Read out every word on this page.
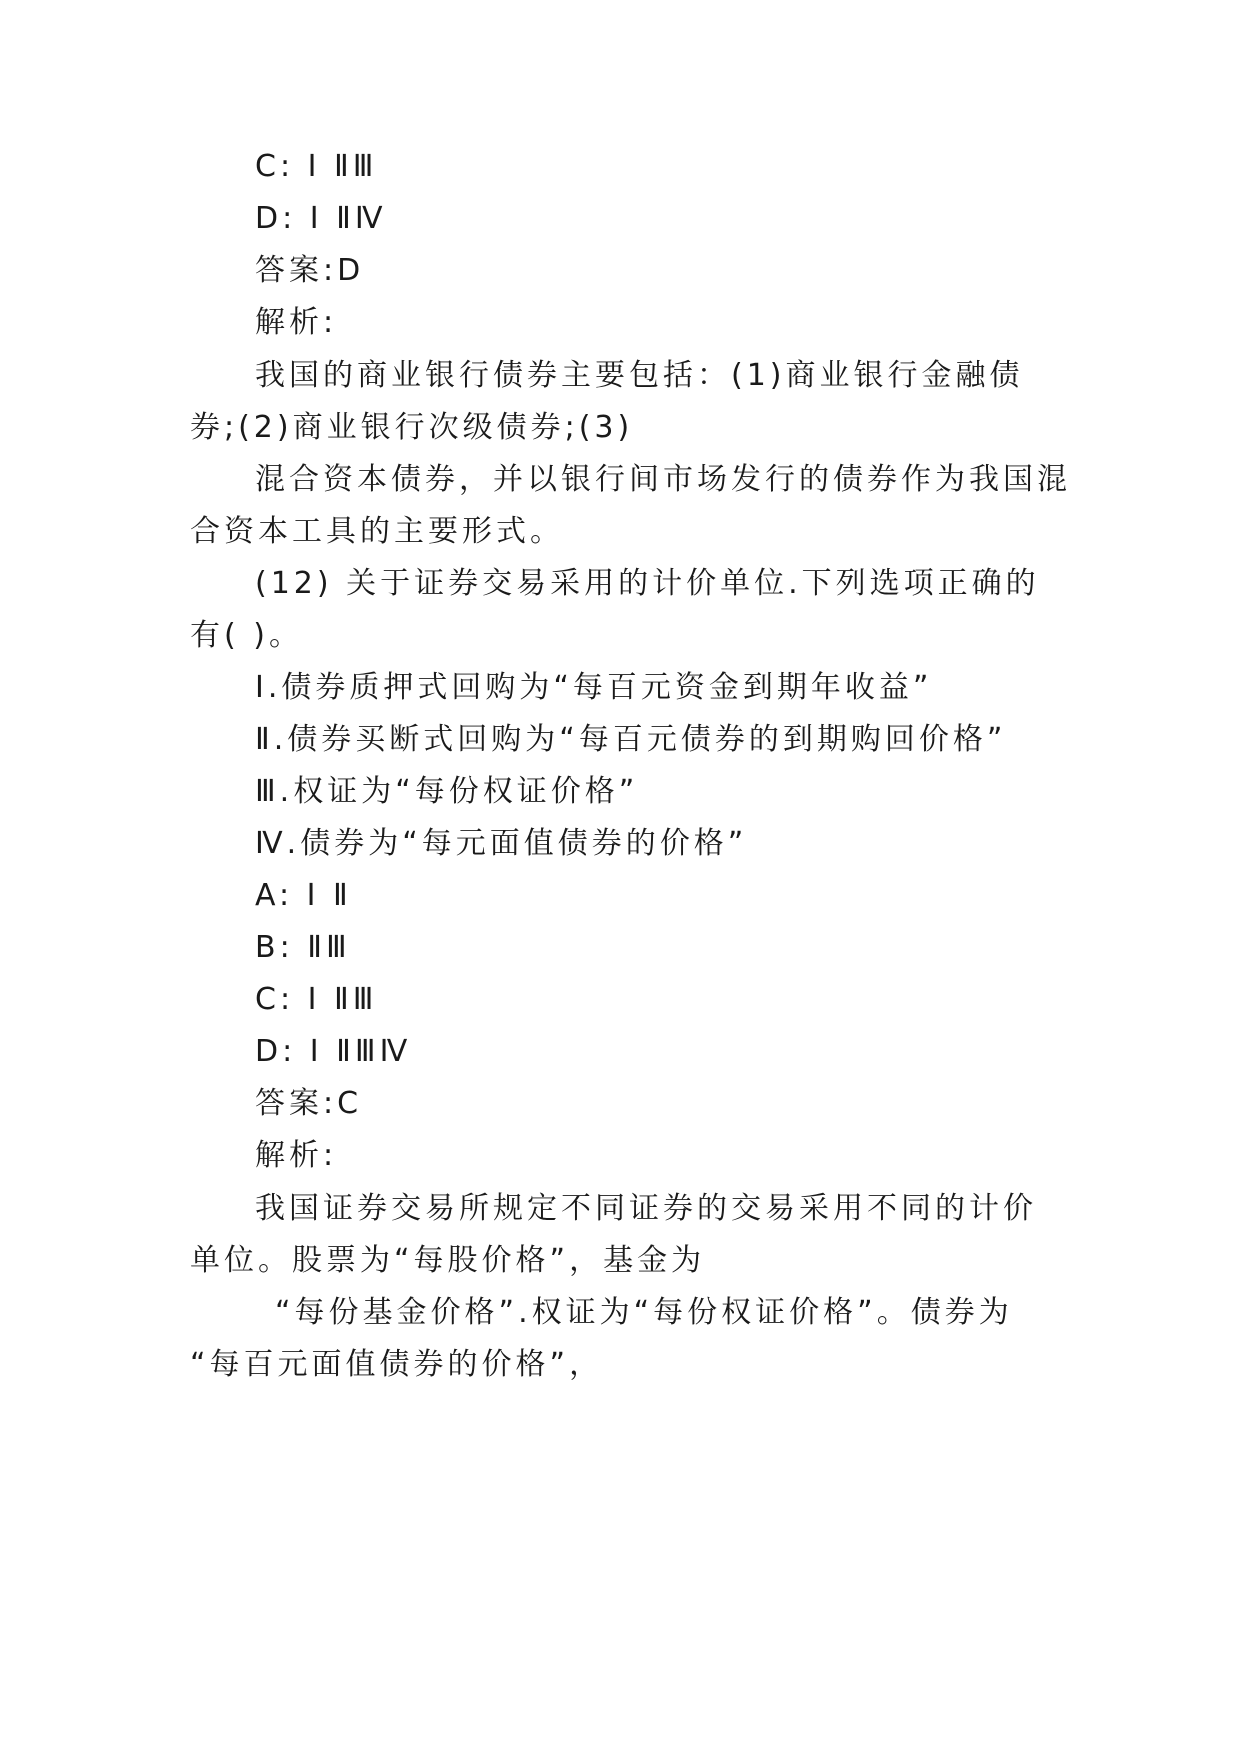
C: Ⅰ ⅡⅢ
D: Ⅰ ⅡⅣ
答案:D
解析:
我国的商业银行债券主要包括：(1)商业银行金融债
券;(2)商业银行次级债券;(3)
混合资本债券，并以银行间市场发行的债券作为我国混
合资本工具的主要形式。
(12) 关于证券交易采用的计价单位.下列选项正确的
有( )。
Ⅰ.债券质押式回购为“每百元资金到期年收益”
Ⅱ.债券买断式回购为“每百元债券的到期购回价格”
Ⅲ.权证为“每份权证价格”
Ⅳ.债券为“每元面值债券的价格”
A: Ⅰ Ⅱ
B: ⅡⅢ
C: Ⅰ ⅡⅢ
D: Ⅰ ⅡⅢⅣ
答案:C
解析:
我国证券交易所规定不同证券的交易采用不同的计价
单位。股票为“每股价格”，基金为
“每份基金价格”.权证为“每份权证价格”。债券为
“每百元面值债券的价格”，
